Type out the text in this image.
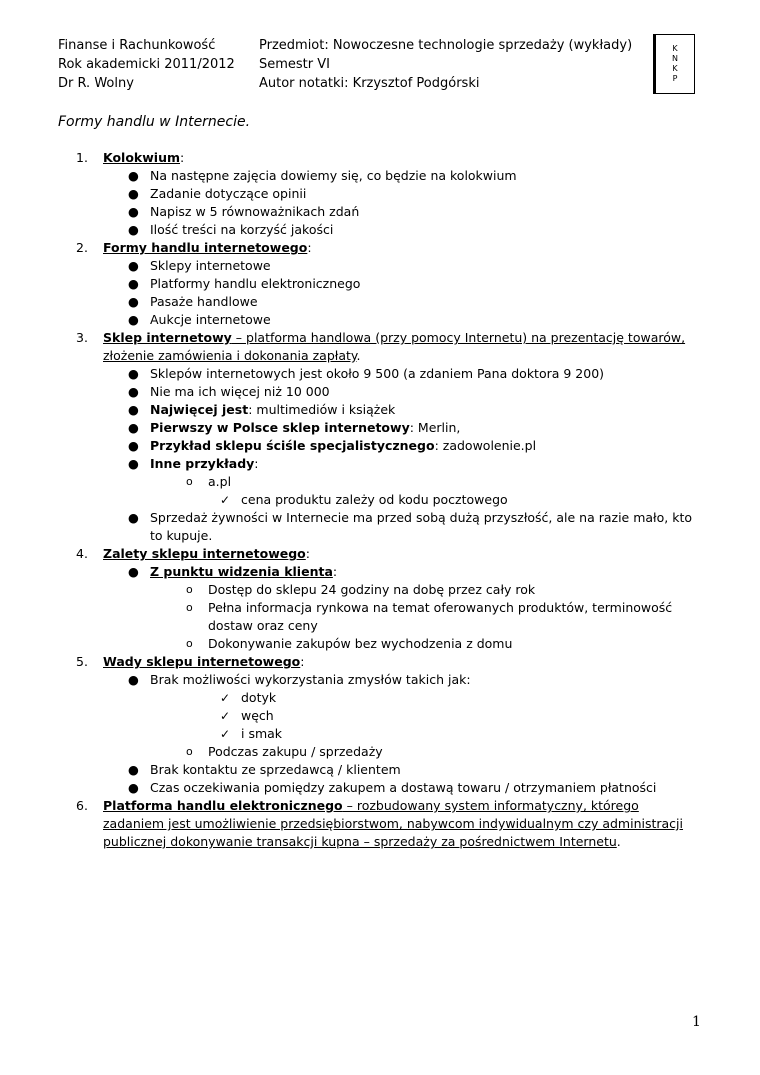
Finanse i Rachunkowość
Rok akademicki 2011/2012
Dr R. Wolny
Przedmiot: Nowoczesne technologie sprzedaży (wykłady)
Semestr VI
Autor notatki: Krzysztof Podgórski
K
N
K
P
Formy handlu w Internecie.
1. Kolokwium:
● Na następne zajęcia dowiemy się, co będzie na kolokwium
● Zadanie dotyczące opinii
● Napisz w 5 równoważnikach zdań
● Ilość treści na korzyść jakości
2. Formy handlu internetowego:
● Sklepy internetowe
● Platformy handlu elektronicznego
● Pasaże handlowe
● Aukcje internetowe
3. Sklep internetowy – platforma handlowa (przy pomocy Internetu) na prezentację towarów, złożenie zamówienia i dokonania zapłaty.
● Sklepów internetowych jest około 9 500 (a zdaniem Pana doktora 9 200)
● Nie ma ich więcej niż 10 000
● Najwięcej jest: multimediów i książek
● Pierwszy w Polsce sklep internetowy: Merlin,
● Przykład sklepu ściśle specjalistycznego: zadowolenie.pl
● Inne przykłady:
o a.pl
✓ cena produktu zależy od kodu pocztowego
● Sprzedaż żywności w Internecie ma przed sobą dużą przyszłość, ale na razie mało, kto to kupuje.
4. Zalety sklepu internetowego:
● Z punktu widzenia klienta:
o Dostęp do sklepu 24 godziny na dobę przez cały rok
o Pełna informacja rynkowa na temat oferowanych produktów, terminowość dostaw oraz ceny
o Dokonywanie zakupów bez wychodzenia z domu
5. Wady sklepu internetowego:
● Brak możliwości wykorzystania zmysłów takich jak:
✓ dotyk
✓ węch
✓ i smak
o Podczas zakupu / sprzedaży
● Brak kontaktu ze sprzedawcą / klientem
● Czas oczekiwania pomiędzy zakupem a dostawą towaru / otrzymaniem płatności
6. Platforma handlu elektronicznego – rozbudowany system informatyczny, którego zadaniem jest umożliwienie przedsiębiorstwom, nabywcom indywidualnym czy administracji publicznej dokonywanie transakcji kupna – sprzedaży za pośrednictwem Internetu.
1
